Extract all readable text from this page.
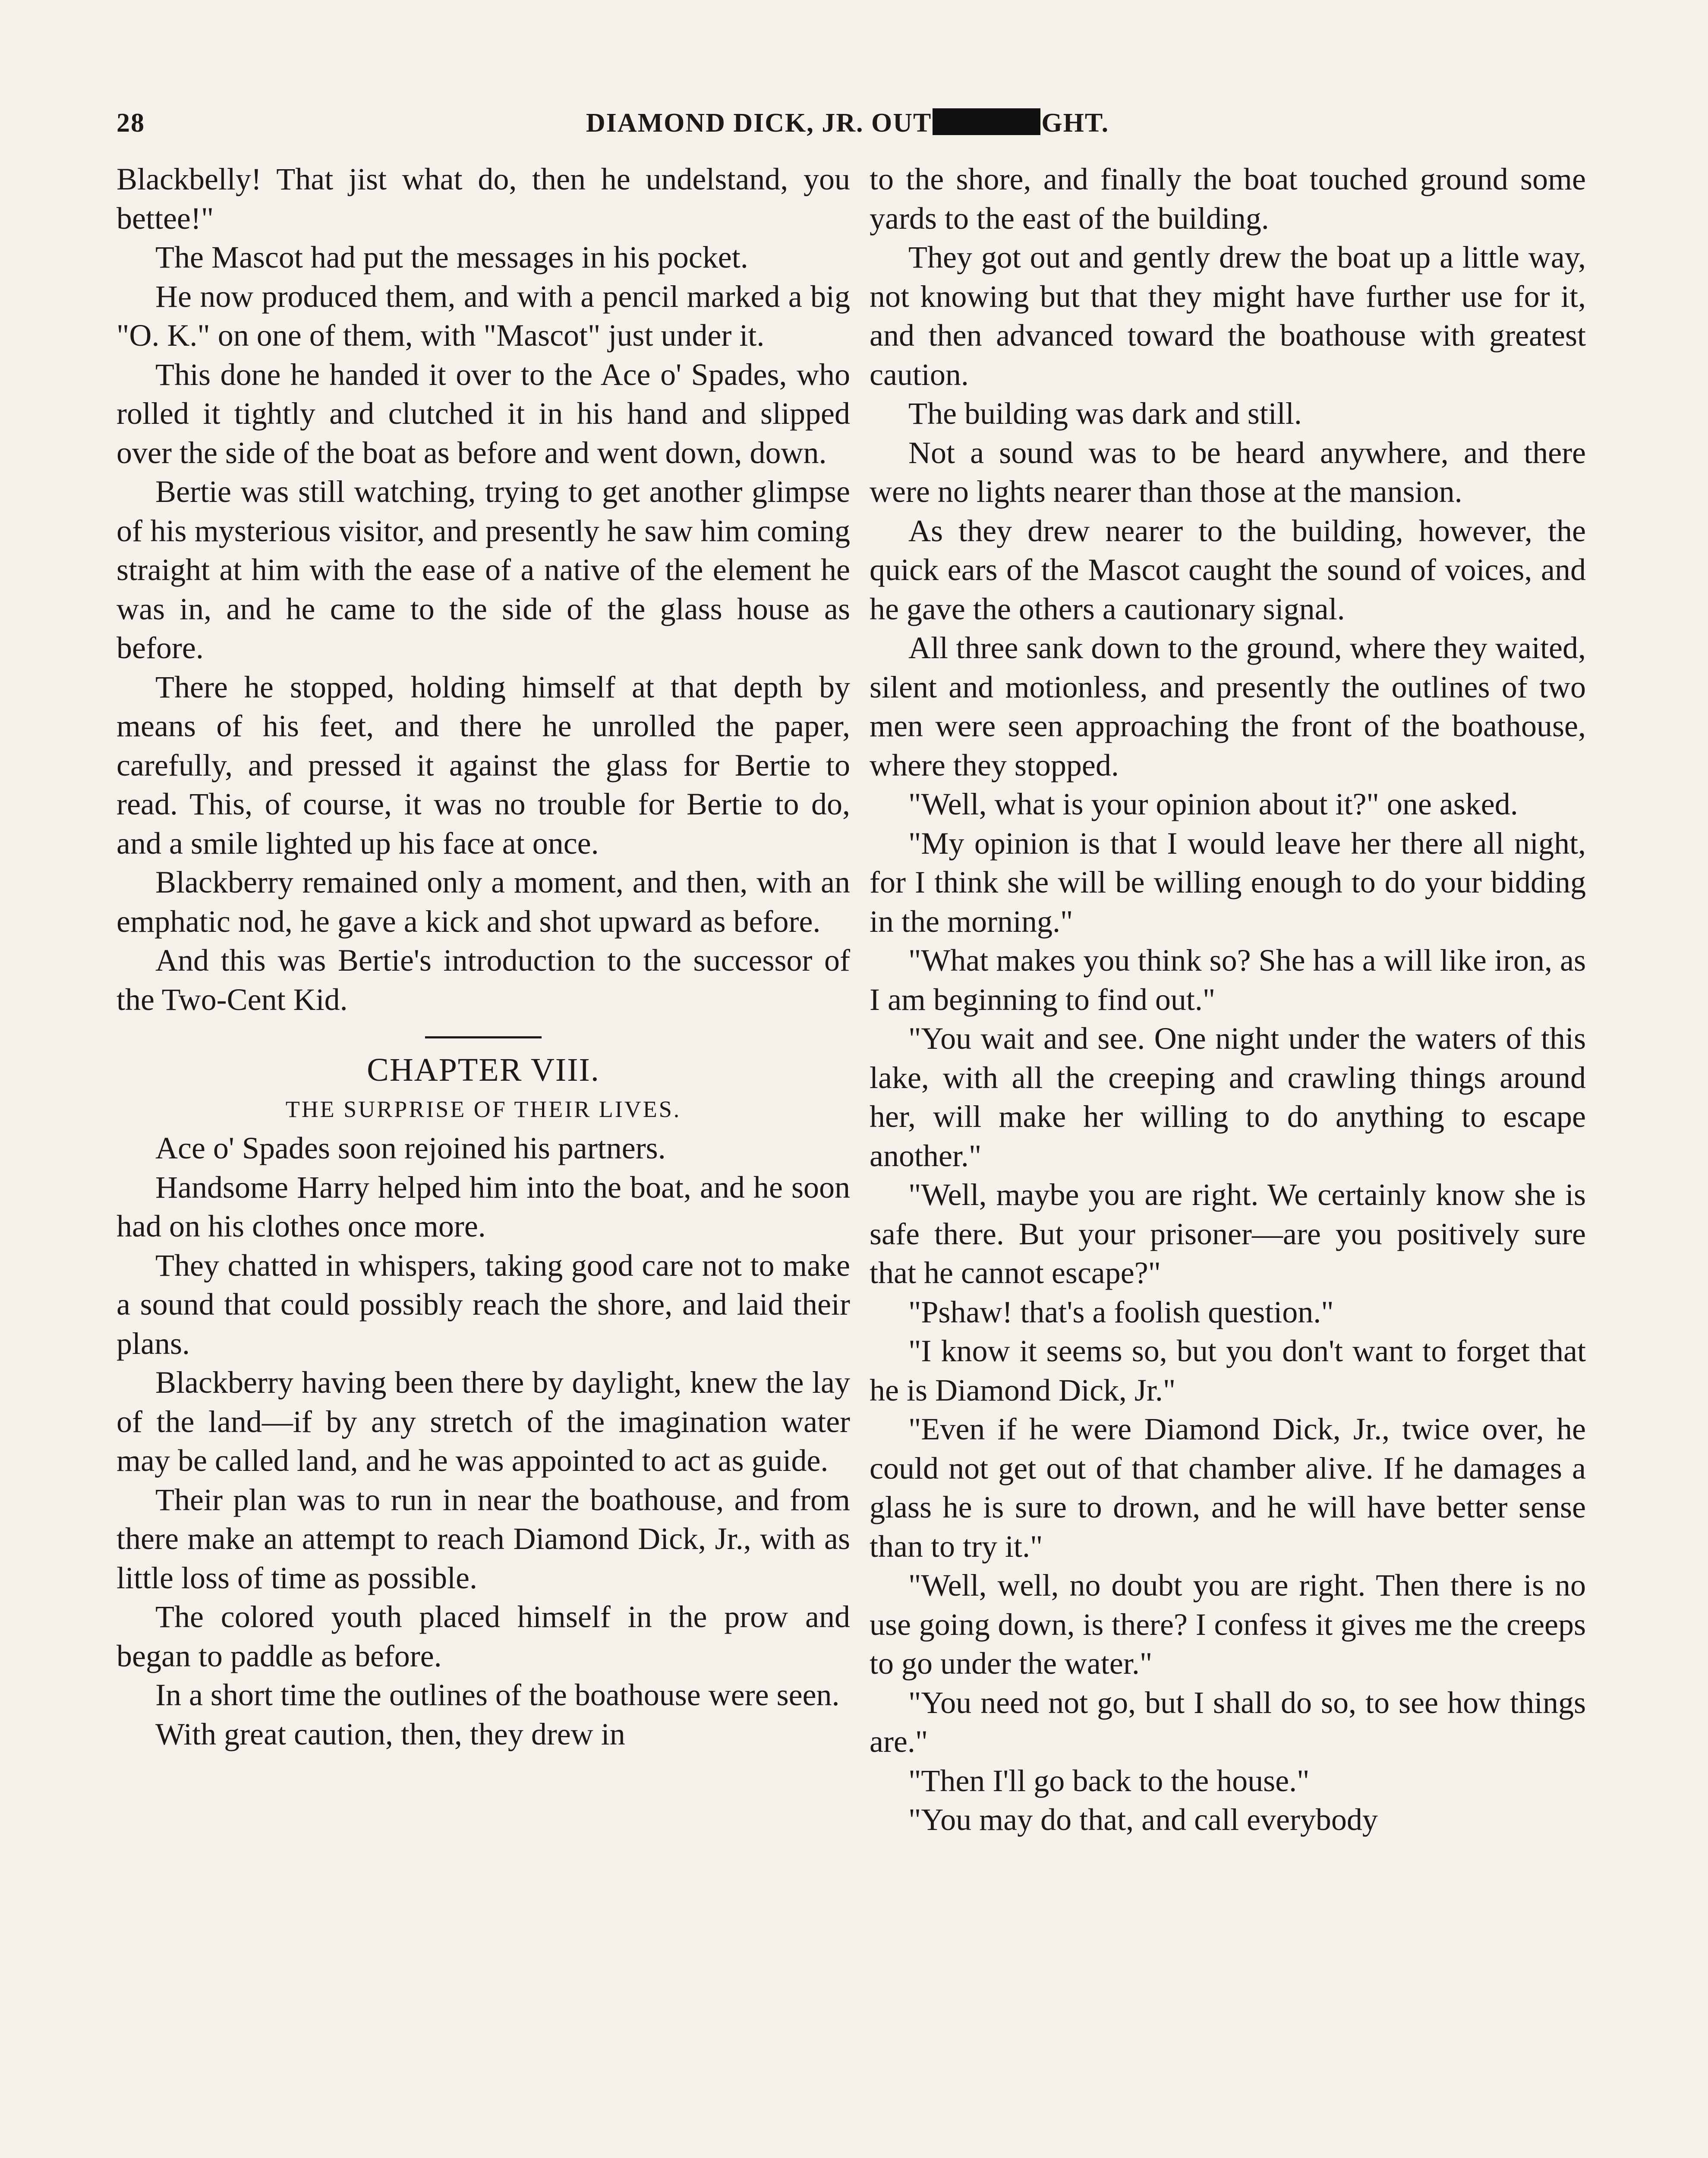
28	DIAMOND DICK, JR. OUT	GHT.

Blackbelly! That jist what do, then he undelstand, you bettee!"

The Mascot had put the messages in his pocket.

He now produced them, and with a pencil marked a big "O. K." on one of them, with "Mascot" just under it.

This done he handed it over to the Ace o' Spades, who rolled it tightly and clutched it in his hand and slipped over the side of the boat as before and went down, down.

Bertie was still watching, trying to get another glimpse of his mysterious visitor, and presently he saw him coming straight at him with the ease of a native of the element he was in, and he came to the side of the glass house as before.

There he stopped, holding himself at that depth by means of his feet, and there he unrolled the paper, carefully, and pressed it against the glass for Bertie to read. This, of course, it was no trouble for Bertie to do, and a smile lighted up his face at once.

Blackberry remained only a moment, and then, with an emphatic nod, he gave a kick and shot upward as before.

And this was Bertie's introduction to the successor of the Two-Cent Kid.

CHAPTER VIII.

THE SURPRISE OF THEIR LIVES.

Ace o' Spades soon rejoined his partners.

Handsome Harry helped him into the boat, and he soon had on his clothes once more.

They chatted in whispers, taking good care not to make a sound that could possibly reach the shore, and laid their plans.

Blackberry having been there by daylight, knew the lay of the land—if by any stretch of the imagination water may be called land, and he was appointed to act as guide.

Their plan was to run in near the boathouse, and from there make an attempt to reach Diamond Dick, Jr., with as little loss of time as possible.

The colored youth placed himself in the prow and began to paddle as before.

In a short time the outlines of the boathouse were seen.

With great caution, then, they drew in

to the shore, and finally the boat touched ground some yards to the east of the building.

They got out and gently drew the boat up a little way, not knowing but that they might have further use for it, and then advanced toward the boathouse with greatest caution.

The building was dark and still.

Not a sound was to be heard anywhere, and there were no lights nearer than those at the mansion.

As they drew nearer to the building, however, the quick ears of the Mascot caught the sound of voices, and he gave the others a cautionary signal.

All three sank down to the ground, where they waited, silent and motionless, and presently the outlines of two men were seen approaching the front of the boathouse, where they stopped.

"Well, what is your opinion about it?" one asked.

"My opinion is that I would leave her there all night, for I think she will be willing enough to do your bidding in the morning."

"What makes you think so? She has a will like iron, as I am beginning to find out."

"You wait and see. One night under the waters of this lake, with all the creeping and crawling things around her, will make her willing to do anything to escape another."

"Well, maybe you are right. We certainly know she is safe there. But your prisoner—are you positively sure that he cannot escape?"

"Pshaw! that's a foolish question."

"I know it seems so, but you don't want to forget that he is Diamond Dick, Jr."

"Even if he were Diamond Dick, Jr., twice over, he could not get out of that chamber alive. If he damages a glass he is sure to drown, and he will have better sense than to try it."

"Well, well, no doubt you are right. Then there is no use going down, is there? I confess it gives me the creeps to go under the water."

"You need not go, but I shall do so, to see how things are."

"Then I'll go back to the house."

"You may do that, and call everybody
